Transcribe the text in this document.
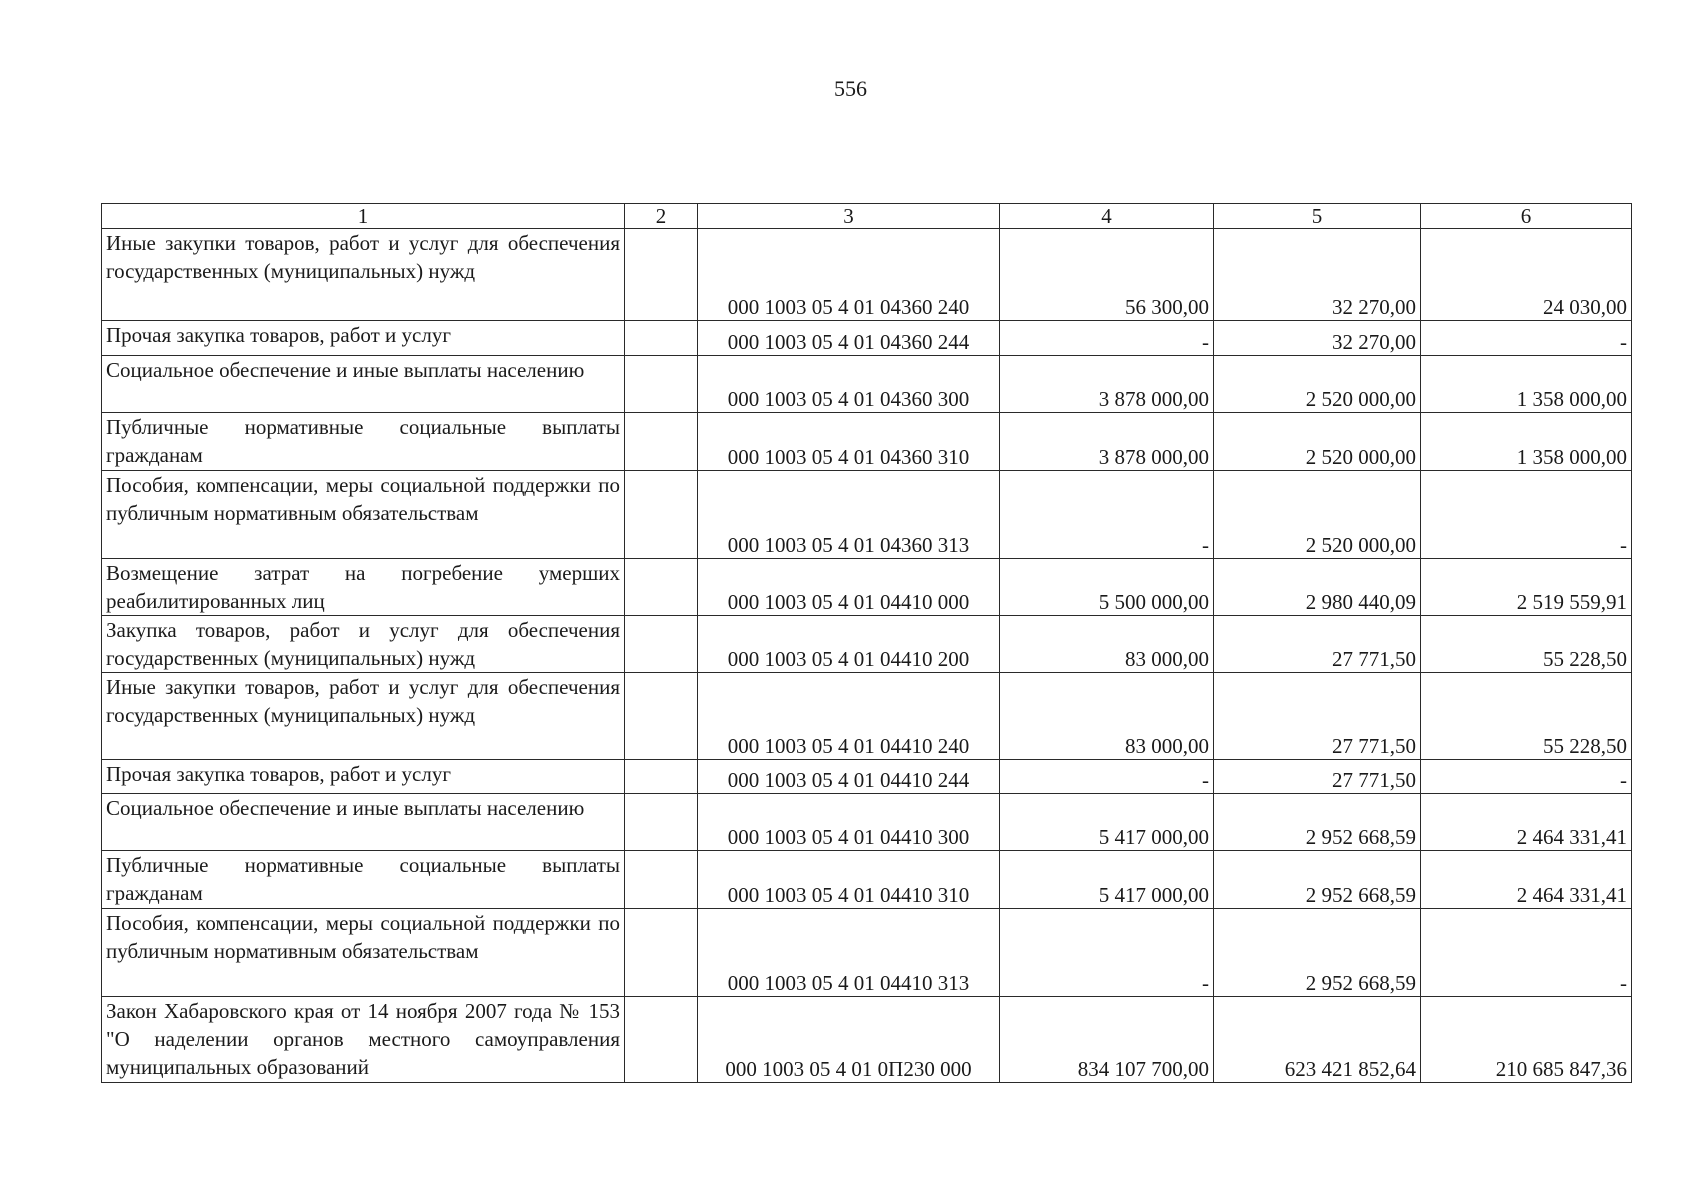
556
1	2	3	4	5	6
Иные закупки товаров, работ и услуг для обеспечения государственных (муниципальных) нужд		000 1003 05 4 01 04360 240	56 300,00	32 270,00	24 030,00
Прочая закупка товаров, работ и услуг		000 1003 05 4 01 04360 244	-	32 270,00	-
Социальное обеспечение и иные выплаты населению		000 1003 05 4 01 04360 300	3 878 000,00	2 520 000,00	1 358 000,00
Публичные нормативные социальные выплаты гражданам		000 1003 05 4 01 04360 310	3 878 000,00	2 520 000,00	1 358 000,00
Пособия, компенсации, меры социальной поддержки по публичным нормативным обязательствам		000 1003 05 4 01 04360 313	-	2 520 000,00	-
Возмещение затрат на погребение умерших реабилитированных лиц		000 1003 05 4 01 04410 000	5 500 000,00	2 980 440,09	2 519 559,91
Закупка товаров, работ и услуг для обеспечения государственных (муниципальных) нужд		000 1003 05 4 01 04410 200	83 000,00	27 771,50	55 228,50
Иные закупки товаров, работ и услуг для обеспечения государственных (муниципальных) нужд		000 1003 05 4 01 04410 240	83 000,00	27 771,50	55 228,50
Прочая закупка товаров, работ и услуг		000 1003 05 4 01 04410 244	-	27 771,50	-
Социальное обеспечение и иные выплаты населению		000 1003 05 4 01 04410 300	5 417 000,00	2 952 668,59	2 464 331,41
Публичные нормативные социальные выплаты гражданам		000 1003 05 4 01 04410 310	5 417 000,00	2 952 668,59	2 464 331,41
Пособия, компенсации, меры социальной поддержки по публичным нормативным обязательствам		000 1003 05 4 01 04410 313	-	2 952 668,59	-
Закон Хабаровского края от 14 ноября 2007 года № 153 "О наделении органов местного самоуправления муниципальных образований		000 1003 05 4 01 0П230 000	834 107 700,00	623 421 852,64	210 685 847,36
